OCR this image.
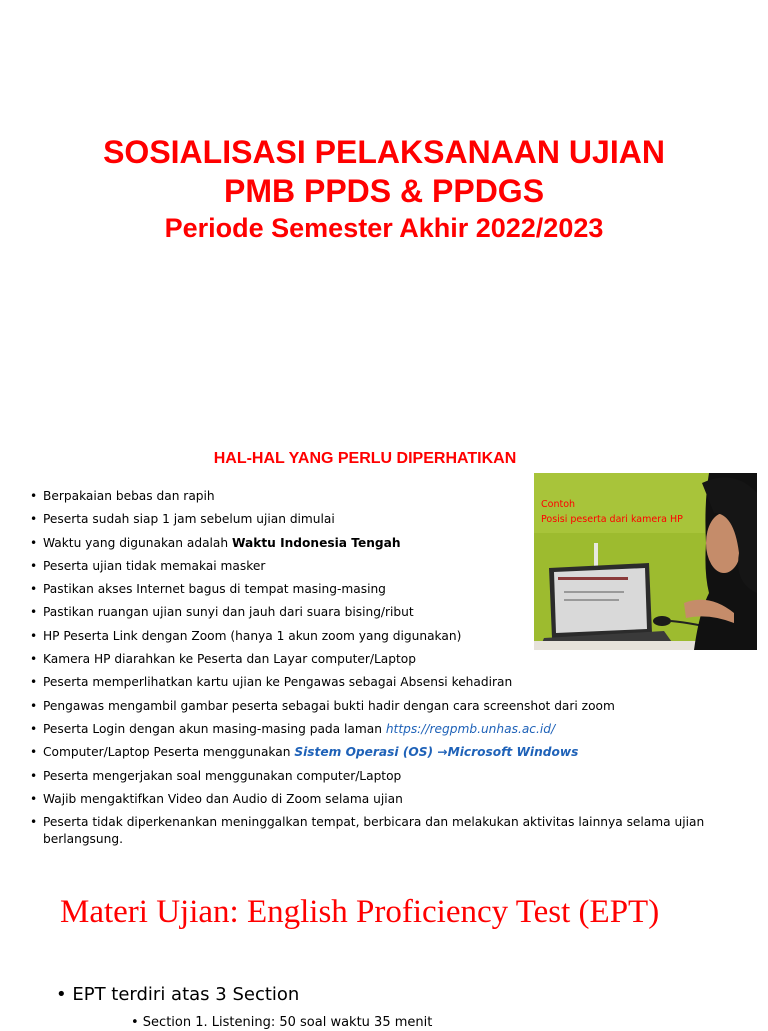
SOSIALISASI PELAKSANAAN UJIAN

PMB PPDS & PPDGS

Periode Semester Akhir 2022/2023

HAL-HAL YANG PERLU DIPERHATIKAN
Contoh
Posisi peserta dari kamera HP
• Berpakaian bebas dan rapih
• Peserta sudah siap 1 jam sebelum ujian dimulai
• Waktu yang digunakan adalah Waktu Indonesia Tengah
• Peserta ujian tidak memakai masker
• Pastikan akses Internet bagus di tempat masing-masing
• Pastikan ruangan ujian sunyi dan jauh dari suara bising/ribut
• HP Peserta Link dengan Zoom (hanya 1 akun zoom yang digunakan)
• Kamera HP diarahkan ke Peserta dan Layar computer/Laptop
• Peserta memperlihatkan kartu ujian ke Pengawas sebagai Absensi kehadiran
• Pengawas mengambil gambar peserta sebagai bukti hadir dengan cara screenshot dari zoom
• Peserta Login dengan akun masing-masing pada laman https://regpmb.unhas.ac.id/
• Computer/Laptop Peserta menggunakan Sistem Operasi (OS) →Microsoft Windows
• Peserta mengerjakan soal menggunakan computer/Laptop
• Wajib mengaktifkan Video dan Audio di Zoom selama ujian
• Peserta tidak diperkenankan meninggalkan tempat, berbicara dan melakukan aktivitas lainnya selama ujian berlangsung.
Materi Ujian: English Proficiency Test (EPT)

• EPT terdiri atas 3 Section

• Section 1. Listening: 50 soal waktu 35 menit
